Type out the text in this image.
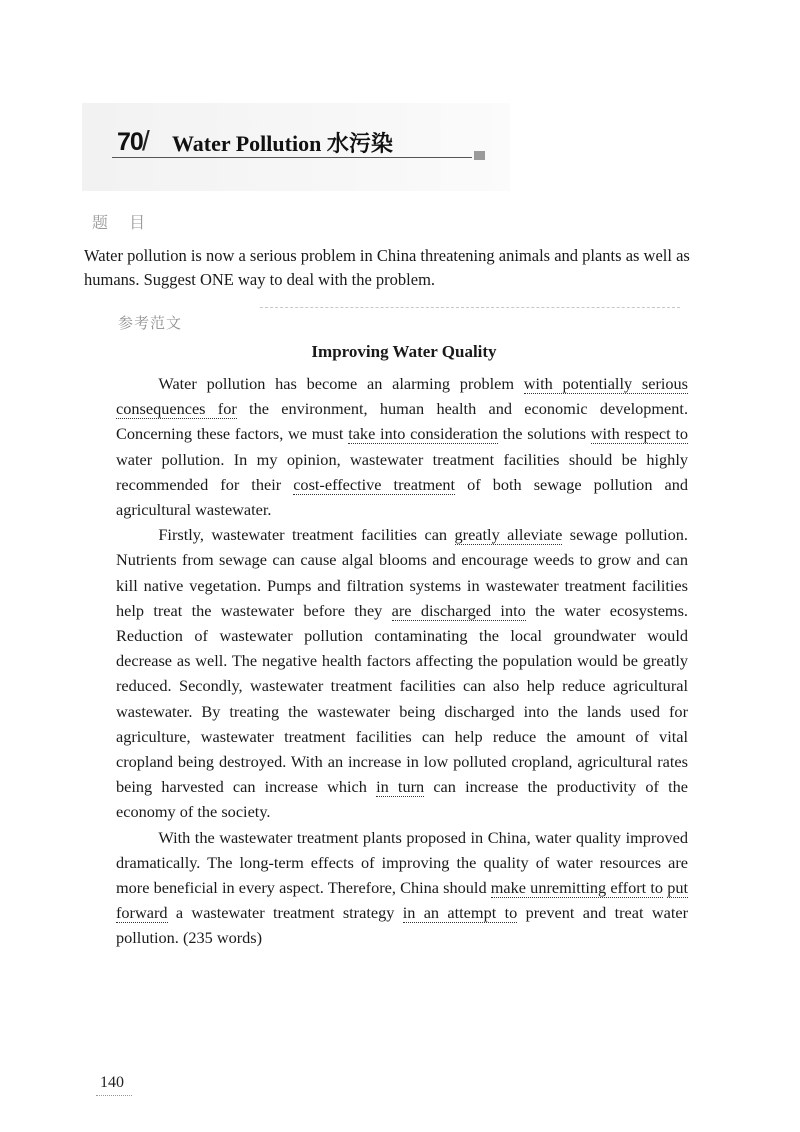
70 / Water Pollution 水污染
题 目

Water pollution is now a serious problem in China threatening animals and plants as well as humans. Suggest ONE way to deal with the problem.

参考范文
Improving Water Quality

Water pollution has become an alarming problem with potentially serious consequences for the environment, human health and economic development. Concerning these factors, we must take into consideration the solutions with respect to water pollution. In my opinion, wastewater treatment facilities should be highly recommended for their cost-effective treatment of both sewage pollution and agricultural wastewater.

Firstly, wastewater treatment facilities can greatly alleviate sewage pollution. Nutrients from sewage can cause algal blooms and encourage weeds to grow and can kill native vegetation. Pumps and filtration systems in wastewater treatment facilities help treat the wastewater before they are discharged into the water ecosystems. Reduction of wastewater pollution contaminating the local groundwater would decrease as well. The negative health factors affecting the population would be greatly reduced. Secondly, wastewater treatment facilities can also help reduce agricultural wastewater. By treating the wastewater being discharged into the lands used for agriculture, wastewater treatment facilities can help reduce the amount of vital cropland being destroyed. With an increase in low polluted cropland, agricultural rates being harvested can increase which in turn can increase the productivity of the economy of the society.

With the wastewater treatment plants proposed in China, water quality improved dramatically. The long-term effects of improving the quality of water resources are more beneficial in every aspect. Therefore, China should make unremitting effort to put forward a wastewater treatment strategy in an attempt to prevent and treat water pollution. (235 words)

140
